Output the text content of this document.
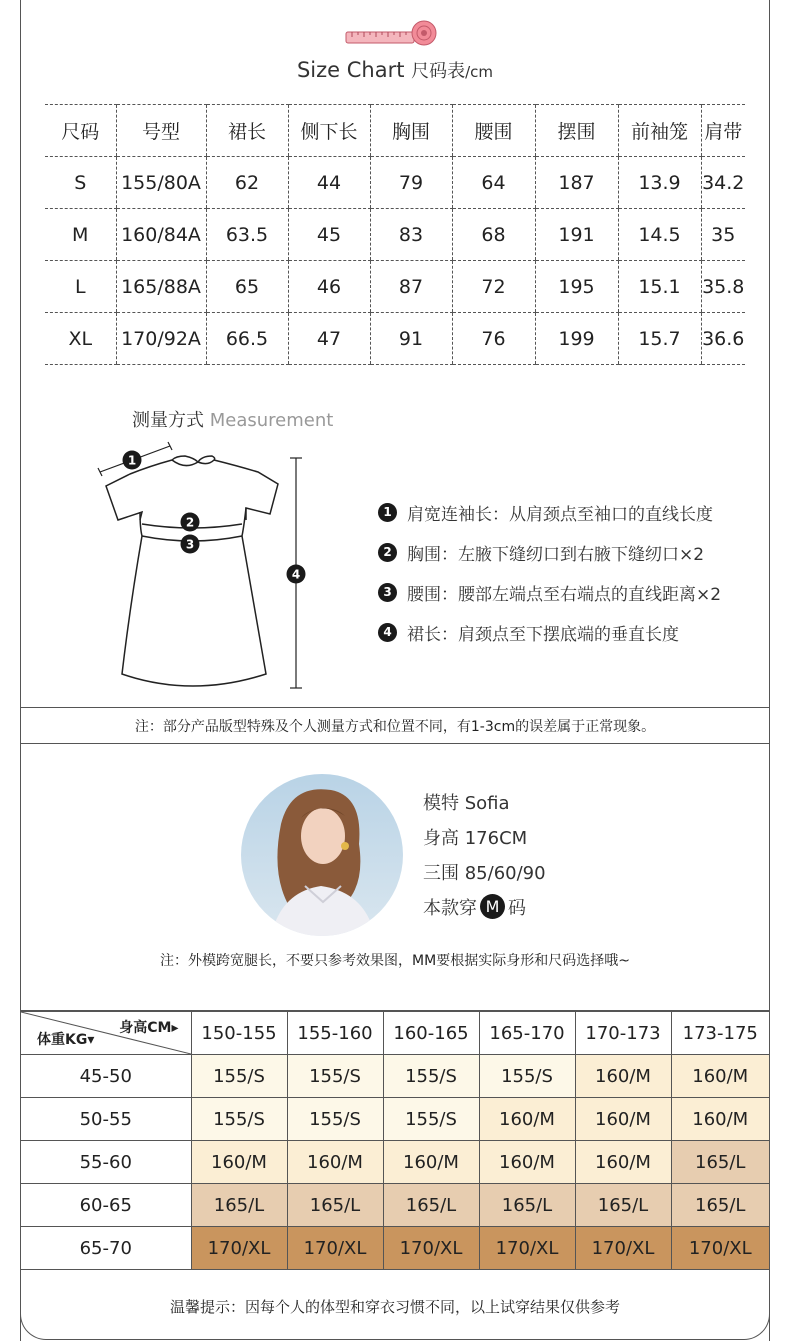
Size Chart 尺码表/cm
尺码	号型	裙长	侧下长	胸围	腰围	摆围	前袖笼	肩带
S	155/80A	62	44	79	64	187	13.9	34.2
M	160/84A	63.5	45	83	68	191	14.5	35
L	165/88A	65	46	87	72	195	15.1	35.8
XL	170/92A	66.5	47	91	76	199	15.7	36.6
测量方式 Measurement
1
2
3
4
1 肩宽连袖长：从肩颈点至袖口的直线长度
2 胸围：左腋下缝纫口到右腋下缝纫口×2
3 腰围：腰部左端点至右端点的直线距离×2
4 裙长：肩颈点至下摆底端的垂直长度
注：部分产品版型特殊及个人测量方式和位置不同，有1-3cm的误差属于正常现象。
模特 Sofia
身高 176CM
三围 85/60/90
本款穿 M 码
注：外模跨宽腿长，不要只参考效果图，MM要根据实际身形和尺码选择哦~
身高CM▸
体重KG▾	150-155	155-160	160-165	165-170	170-173	173-175
45-50	155/S	155/S	155/S	155/S	160/M	160/M
50-55	155/S	155/S	155/S	160/M	160/M	160/M
55-60	160/M	160/M	160/M	160/M	160/M	165/L
60-65	165/L	165/L	165/L	165/L	165/L	165/L
65-70	170/XL	170/XL	170/XL	170/XL	170/XL	170/XL
温馨提示：因每个人的体型和穿衣习惯不同，以上试穿结果仅供参考
